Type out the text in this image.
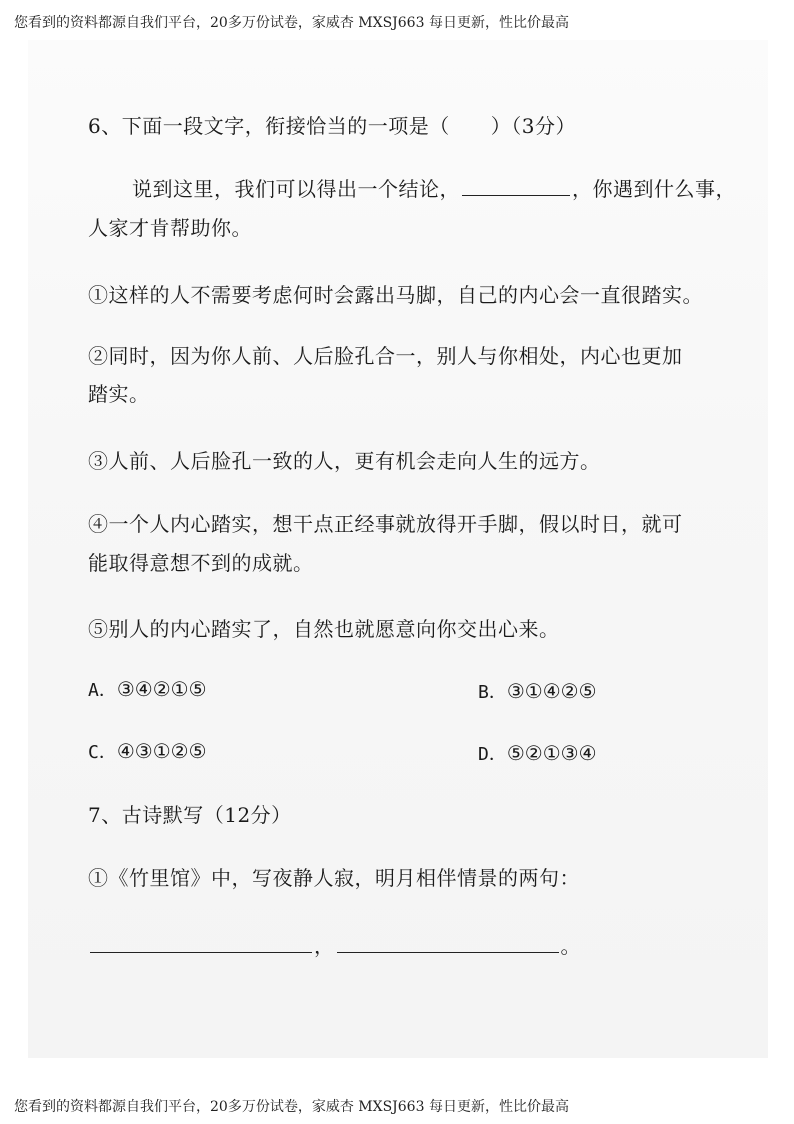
您看到的资料都源自我们平台，20多万份试卷，家威杏 MXSJ663 每日更新，性比价最高
6、下面一段文字，衔接恰当的一项是（　　）（3分）
说到这里，我们可以得出一个结论，	，你遇到什么事，
人家才肯帮助你。
①这样的人不需要考虑何时会露出马脚，自己的内心会一直很踏实。
②同时，因为你人前、人后脸孔合一，别人与你相处，内心也更加
踏实。
③人前、人后脸孔一致的人，更有机会走向人生的远方。
④一个人内心踏实，想干点正经事就放得开手脚，假以时日，就可
能取得意想不到的成就。
⑤别人的内心踏实了，自然也就愿意向你交出心来。
A．③④②①⑤	B．③①④②⑤
C．④③①②⑤	D．⑤②①③④
7、古诗默写（12分）
①《竹里馆》中，写夜静人寂，明月相伴情景的两句：
，	。
您看到的资料都源自我们平台，20多万份试卷，家威杏 MXSJ663 每日更新，性比价最高
